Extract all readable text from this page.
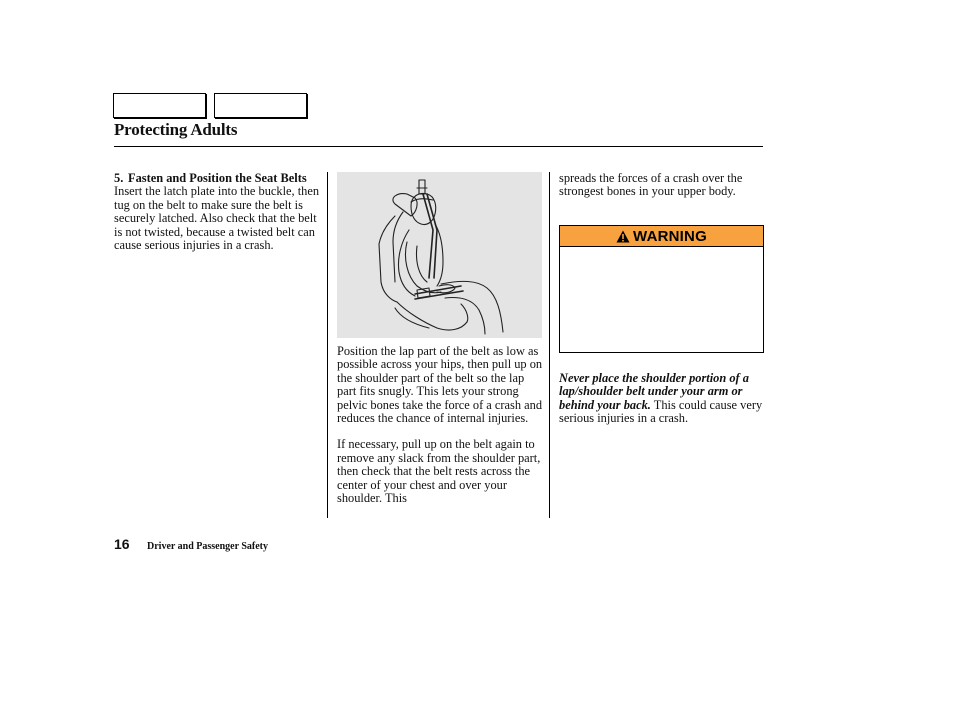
Protecting Adults
5. Fasten and Position the Seat Belts

Insert the latch plate into the buckle, then tug on the belt to make sure the belt is securely latched. Also check that the belt is not twisted, because a twisted belt can cause serious injuries in a crash.

Position the lap part of the belt as low as possible across your hips, then pull up on the shoulder part of the belt so the lap part fits snugly. This lets your strong pelvic bones take the force of a crash and reduces the chance of internal injuries.

If necessary, pull up on the belt again to remove any slack from the shoulder part, then check that the belt rests across the center of your chest and over your shoulder. This

spreads the forces of a crash over the strongest bones in your upper body.

WARNING

Never place the shoulder portion of a lap/shoulder belt under your arm or behind your back. This could cause very serious injuries in a crash.

16 Driver and Passenger Safety
